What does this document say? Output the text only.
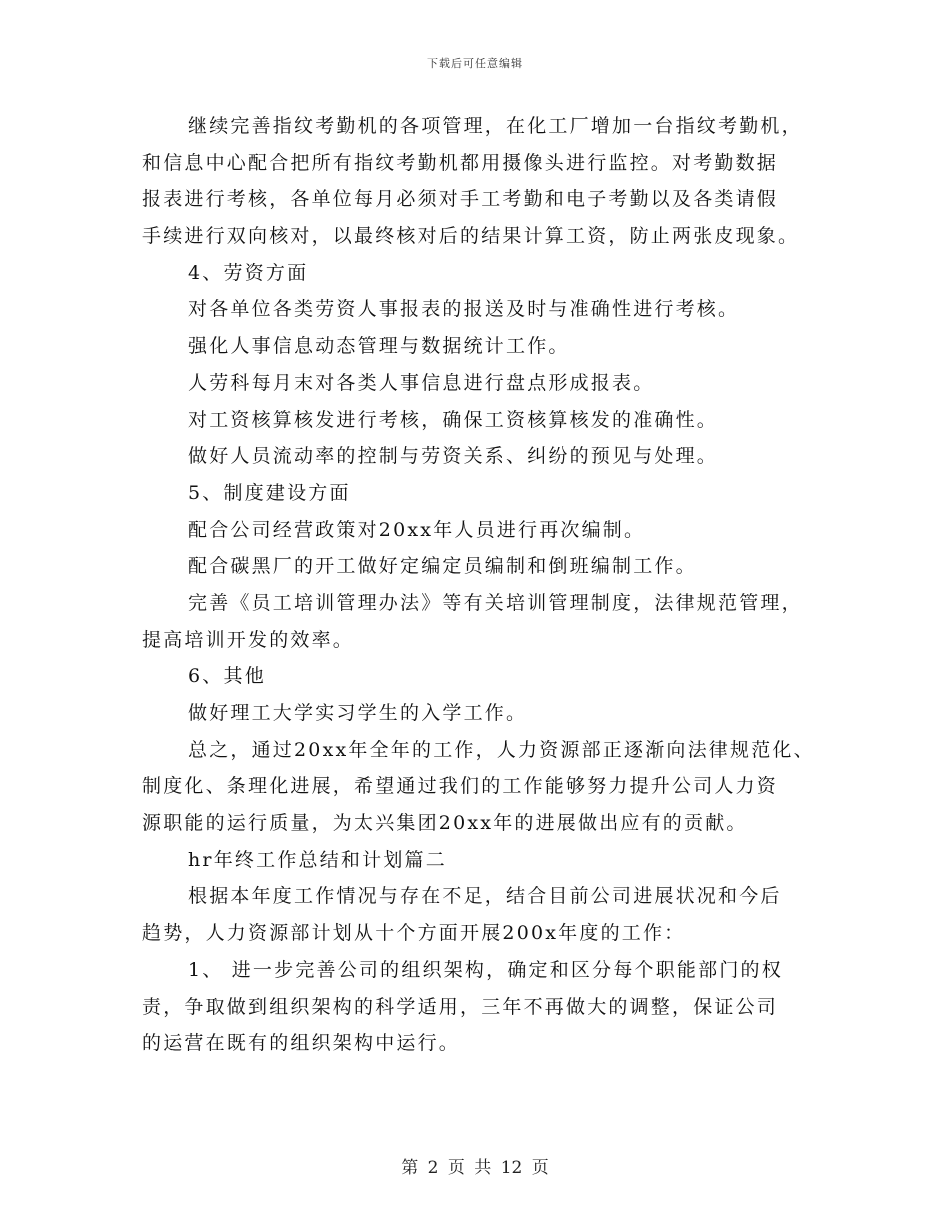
下载后可任意编辑
继续完善指纹考勤机的各项管理，在化工厂增加一台指纹考勤机，
和信息中心配合把所有指纹考勤机都用摄像头进行监控。对考勤数据
报表进行考核，各单位每月必须对手工考勤和电子考勤以及各类请假
手续进行双向核对，以最终核对后的结果计算工资，防止两张皮现象。
4、劳资方面
对各单位各类劳资人事报表的报送及时与准确性进行考核。
强化人事信息动态管理与数据统计工作。
人劳科每月末对各类人事信息进行盘点形成报表。
对工资核算核发进行考核，确保工资核算核发的准确性。
做好人员流动率的控制与劳资关系、纠纷的预见与处理。
5、制度建设方面
配合公司经营政策对20xx年人员进行再次编制。
配合碳黑厂的开工做好定编定员编制和倒班编制工作。
完善《员工培训管理办法》等有关培训管理制度，法律规范管理，
提高培训开发的效率。
6、其他
做好理工大学实习学生的入学工作。
总之，通过20xx年全年的工作，人力资源部正逐渐向法律规范化、
制度化、条理化进展，希望通过我们的工作能够努力提升公司人力资
源职能的运行质量，为太兴集团20xx年的进展做出应有的贡献。
hr年终工作总结和计划篇二
根据本年度工作情况与存在不足，结合目前公司进展状况和今后
趋势，人力资源部计划从十个方面开展200x年度的工作：
1、 进一步完善公司的组织架构，确定和区分每个职能部门的权
责，争取做到组织架构的科学适用，三年不再做大的调整，保证公司
的运营在既有的组织架构中运行。
第 2 页 共 12 页
